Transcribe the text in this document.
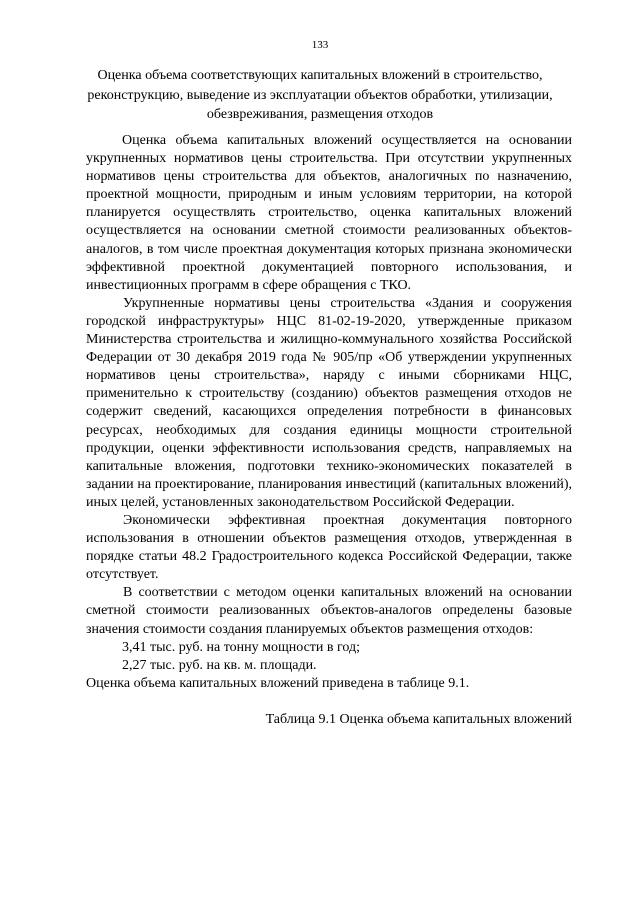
133
Оценка объема соответствующих капитальных вложений в строительство, реконструкцию, выведение из эксплуатации объектов обработки, утилизации, обезвреживания, размещения отходов

Оценка объема капитальных вложений осуществляется на основании укрупненных нормативов цены строительства. При отсутствии укрупненных нормативов цены строительства для объектов, аналогичных по назначению, проектной мощности, природным и иным условиям территории, на которой планируется осуществлять строительство, оценка капитальных вложений осуществляется на основании сметной стоимости реализованных объектов-аналогов, в том числе проектная документация которых признана экономически эффективной проектной документацией повторного использования, и инвестиционных программ в сфере обращения с ТКО.

Укрупненные нормативы цены строительства «Здания и сооружения городской инфраструктуры» НЦС 81-02-19-2020, утвержденные приказом Министерства строительства и жилищно-коммунального хозяйства Российской Федерации от 30 декабря 2019 года № 905/пр «Об утверждении укрупненных нормативов цены строительства», наряду с иными сборниками НЦС, применительно к строительству (созданию) объектов размещения отходов не содержит сведений, касающихся определения потребности в финансовых ресурсах, необходимых для создания единицы мощности строительной продукции, оценки эффективности использования средств, направляемых на капитальные вложения, подготовки технико-экономических показателей в задании на проектирование, планирования инвестиций (капитальных вложений), иных целей, установленных законодательством Российской Федерации.

Экономически эффективная проектная документация повторного использования в отношении объектов размещения отходов, утвержденная в порядке статьи 48.2 Градостроительного кодекса Российской Федерации, также отсутствует.

В соответствии с методом оценки капитальных вложений на основании сметной стоимости реализованных объектов-аналогов определены базовые значения стоимости создания планируемых объектов размещения отходов:

3,41 тыс. руб. на тонну мощности в год;

2,27 тыс. руб. на кв. м. площади.

Оценка объема капитальных вложений приведена в таблице 9.1.

Таблица 9.1 Оценка объема капитальных вложений
